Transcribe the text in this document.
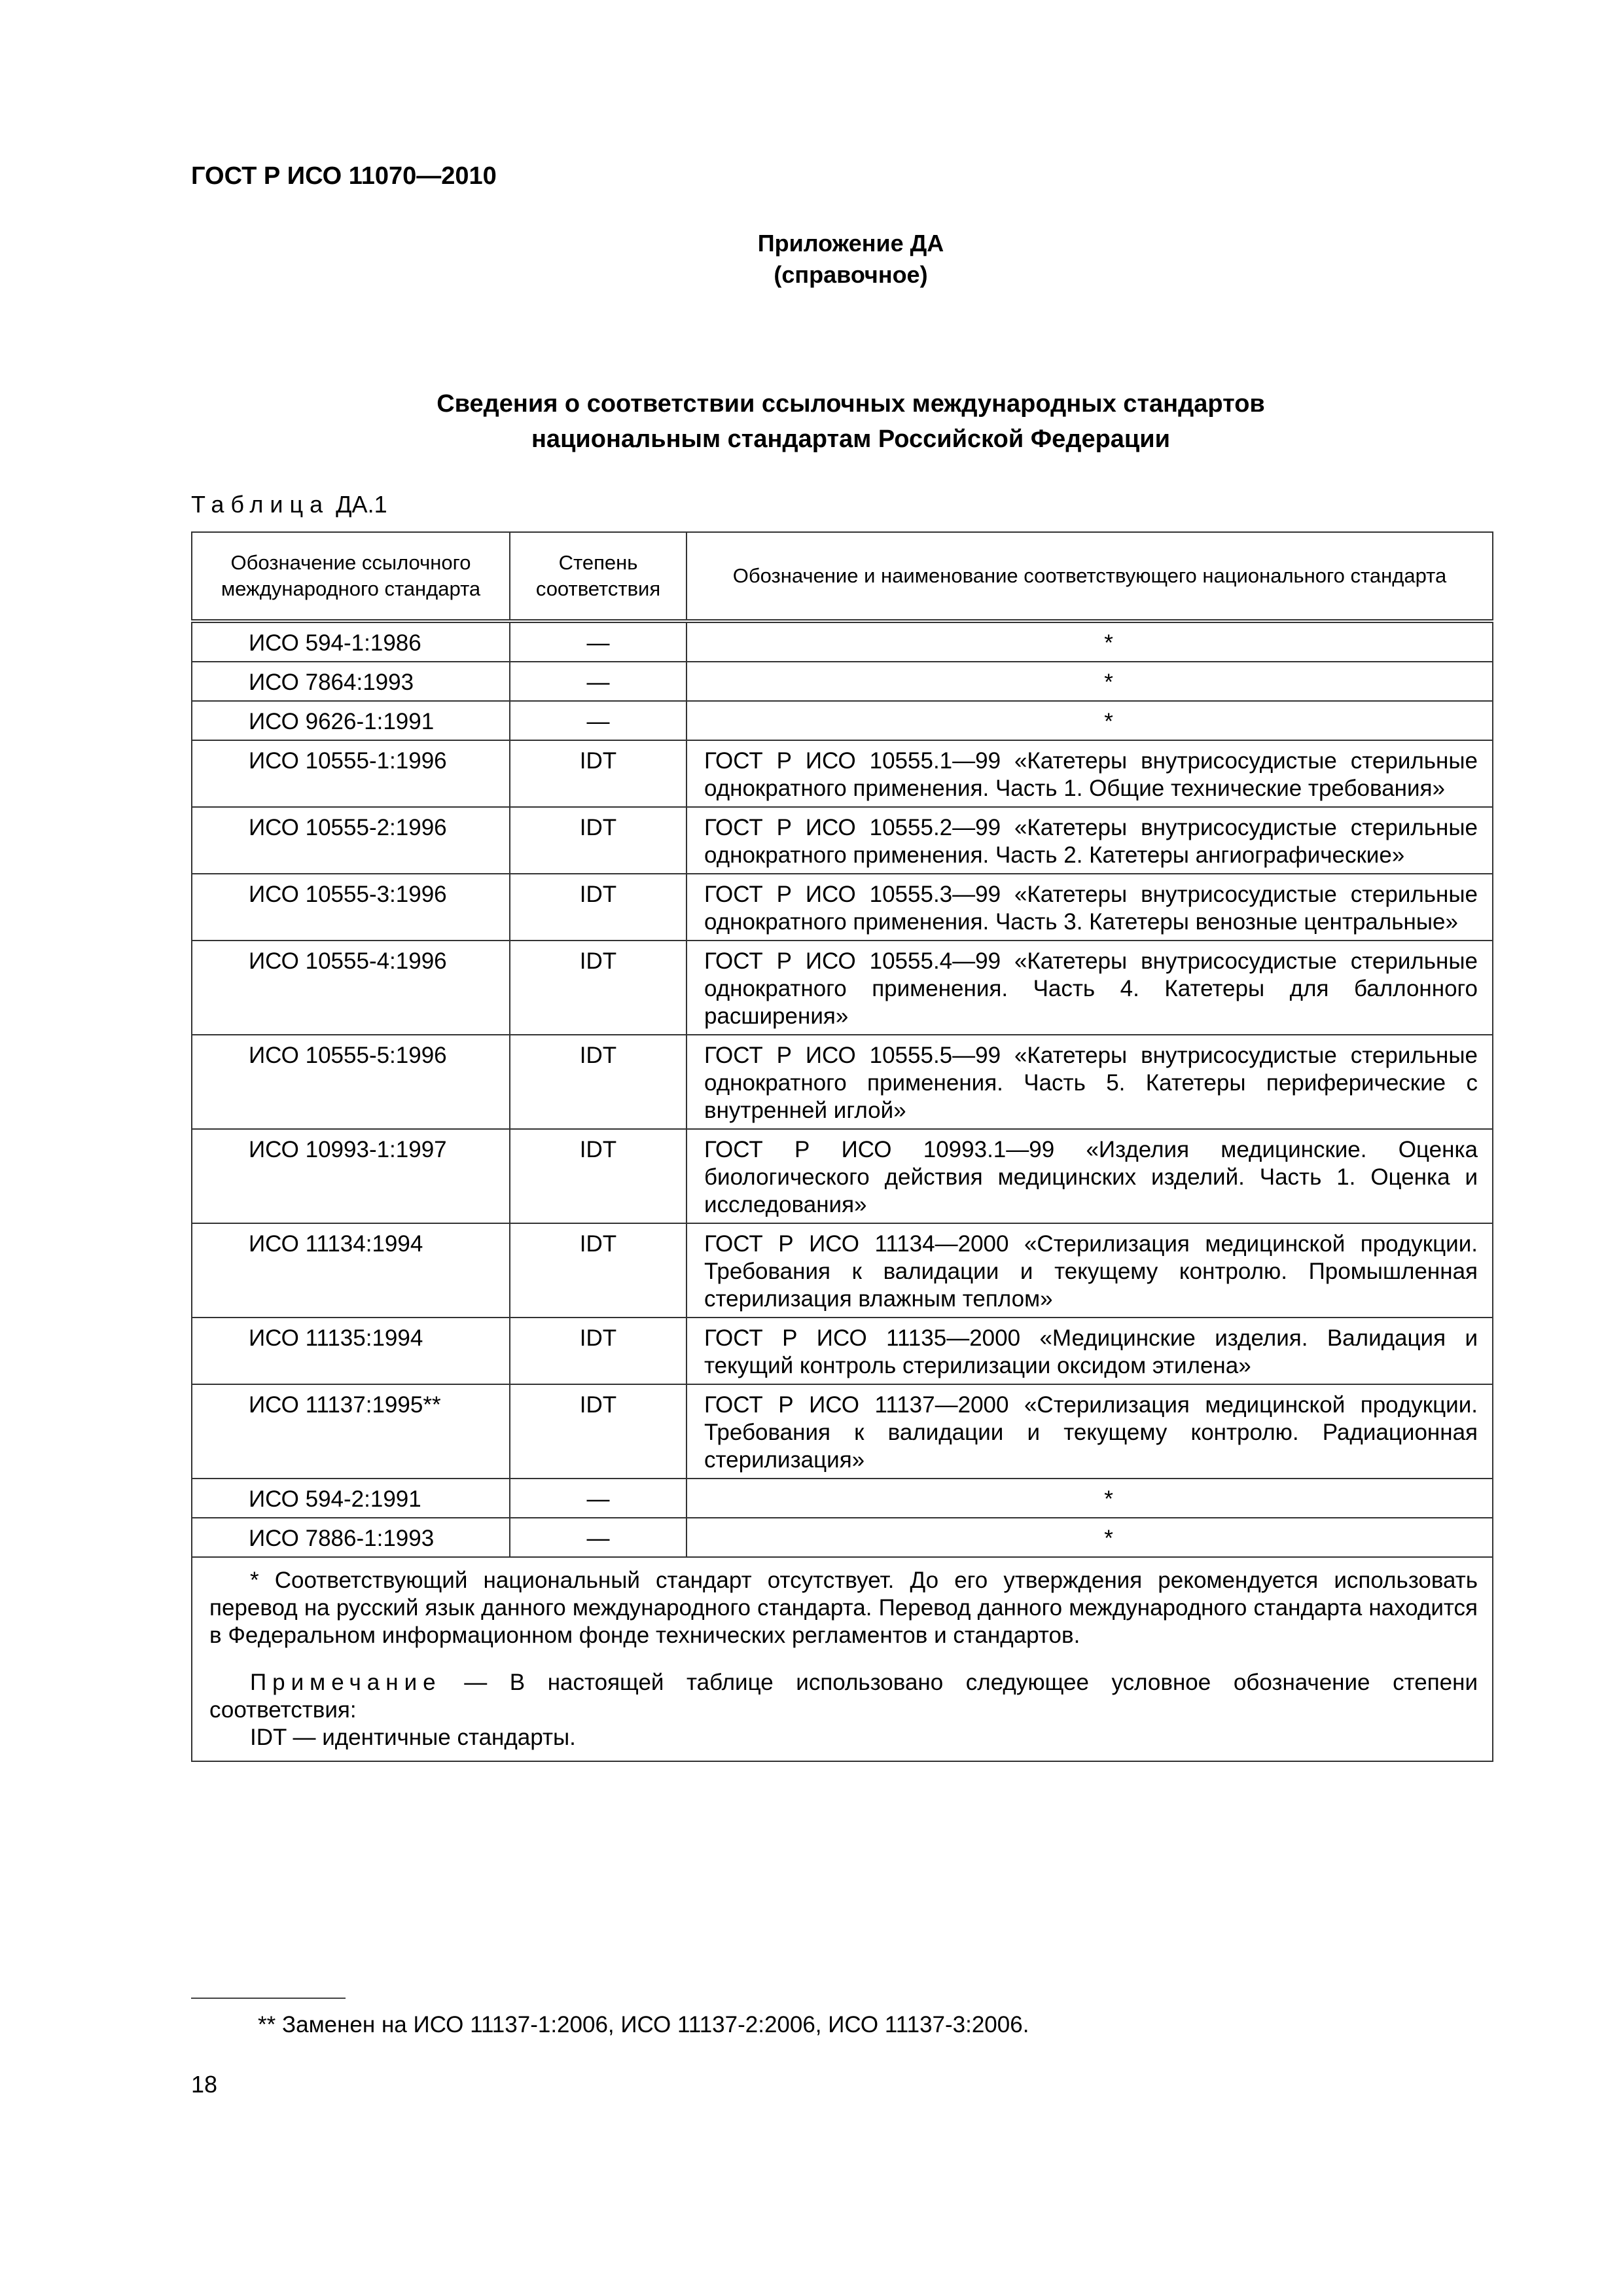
ГОСТ Р ИСО 11070—2010
Приложение ДА
(справочное)
Сведения о соответствии ссылочных международных стандартов
национальным стандартам Российской Федерации
Таблица ДА.1
Обозначение ссылочного международного стандарта	Степень соответствия	Обозначение и наименование соответствующего национального стандарта
ИСО 594-1:1986	—	*
ИСО 7864:1993	—	*
ИСО 9626-1:1991	—	*
ИСО 10555-1:1996	IDT	ГОСТ Р ИСО 10555.1—99 «Катетеры внутрисосудистые стерильные однократного применения. Часть 1. Общие технические требования»
ИСО 10555-2:1996	IDT	ГОСТ Р ИСО 10555.2—99 «Катетеры внутрисосудистые стерильные однократного применения. Часть 2. Катетеры ангиографические»
ИСО 10555-3:1996	IDT	ГОСТ Р ИСО 10555.3—99 «Катетеры внутрисосудистые стерильные однократного применения. Часть 3. Катетеры венозные центральные»
ИСО 10555-4:1996	IDT	ГОСТ Р ИСО 10555.4—99 «Катетеры внутрисосудистые стерильные однократного применения. Часть 4. Катетеры для баллонного расширения»
ИСО 10555-5:1996	IDT	ГОСТ Р ИСО 10555.5—99 «Катетеры внутрисосудистые стерильные однократного применения. Часть 5. Катетеры периферические с внутренней иглой»
ИСО 10993-1:1997	IDT	ГОСТ Р ИСО 10993.1—99 «Изделия медицинские. Оценка биологического действия медицинских изделий. Часть 1. Оценка и исследования»
ИСО 11134:1994	IDT	ГОСТ Р ИСО 11134—2000 «Стерилизация медицинской продукции. Требования к валидации и текущему контролю. Промышленная стерилизация влажным теплом»
ИСО 11135:1994	IDT	ГОСТ Р ИСО 11135—2000 «Медицинские изделия. Валидация и текущий контроль стерилизации оксидом этилена»
ИСО 11137:1995**	IDT	ГОСТ Р ИСО 11137—2000 «Стерилизация медицинской продукции. Требования к валидации и текущему контролю. Радиационная стерилизация»
ИСО 594-2:1991	—	*
ИСО 7886-1:1993	—	*

* Соответствующий национальный стандарт отсутствует. До его утверждения рекомендуется использовать перевод на русский язык данного международного стандарта. Перевод данного международного стандарта находится в Федеральном информационном фонде технических регламентов и стандартов.

Примечание — В настоящей таблице использовано следующее условное обозначение степени соответствия:

IDT — идентичные стандарты.		

** Заменен на ИСО 11137-1:2006, ИСО 11137-2:2006, ИСО 11137-3:2006.
18
